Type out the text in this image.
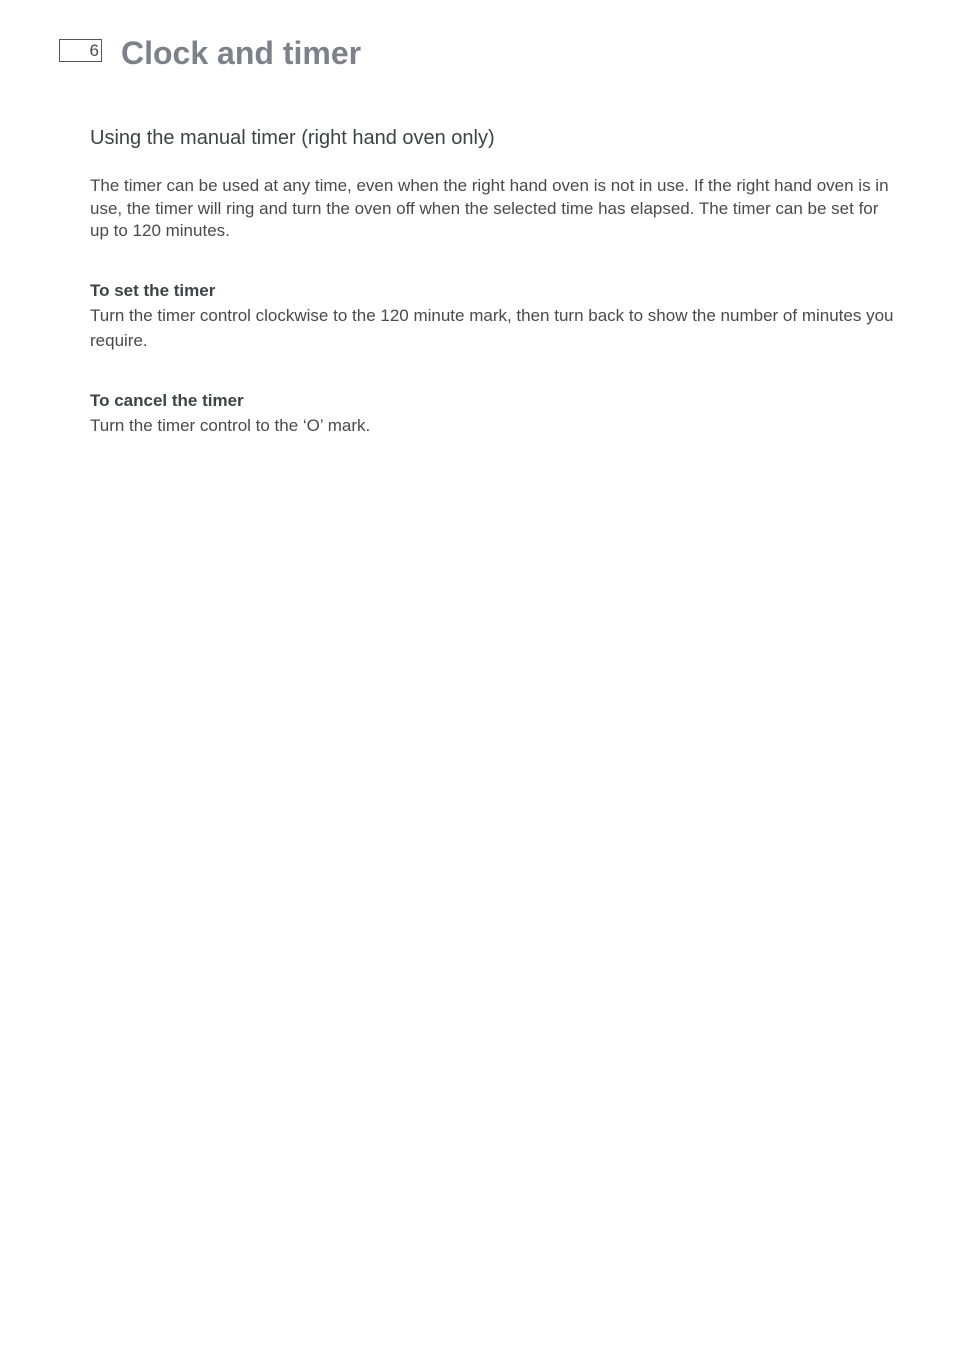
6 Clock and timer
Using the manual timer (right hand oven only)

The timer can be used at any time, even when the right hand oven is not in use. If the right hand oven is in use, the timer will ring and turn the oven off when the selected time has elapsed. The timer can be set for up to 120 minutes.

To set the timer

Turn the timer control clockwise to the 120 minute mark, then turn back to show the number of minutes you require.

To cancel the timer

Turn the timer control to the ‘O’ mark.
